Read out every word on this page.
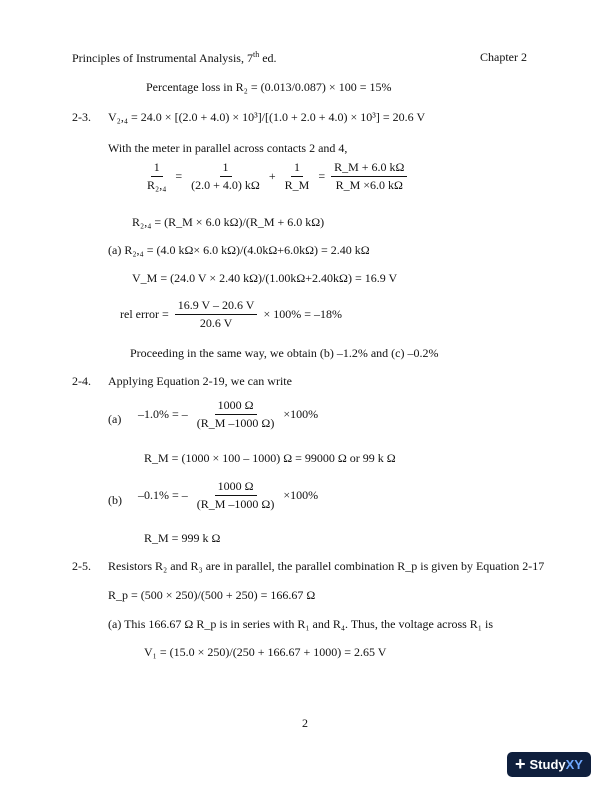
Principles of Instrumental Analysis, 7th ed.	Chapter 2
Percentage loss in R₂ = (0.013/0.087) × 100 = 15%
2-3. V₂,₄ = 24.0 × [(2.0 + 4.0) × 10³]/[(1.0 + 2.0 + 4.0) × 10³] = 20.6 V
With the meter in parallel across contacts 2 and 4,
$\frac{1}{\text{R₂,₄}} = \frac{1}{(2.0 + 4.0) k\Omega} + \frac{1}{R\_M} = \frac{R\_M + 6.0 k\Omega}{R\_M \times 6.0 k\Omega}$
R₂,₄ = (R_M × 6.0 kΩ)/(R_M + 6.0 kΩ)
(a) R₂,₄ = (4.0 kΩ× 6.0 kΩ)/(4.0kΩ+6.0kΩ) = 2.40 kΩ
V_M = (24.0 V × 2.40 kΩ)/(1.00kΩ+2.40kΩ) = 16.9 V
rel error = $\frac{16.9 V - 20.6 V}{20.6 V} \times 100\% = -18\%$
Proceeding in the same way, we obtain (b) –1.2% and (c) –0.2%
2-4. Applying Equation 2-19, we can write
(a) –1.0% = – $\frac{1000 \Omega}{(R\_M -1000 \Omega)} \times 100\%$
R_M = (1000 × 100 – 1000) Ω = 99000 Ω or 99 k Ω
(b) –0.1% = – $\frac{1000 \Omega}{(R\_M -1000 \Omega)} \times 100\%$
R_M = 999 k Ω
2-5. Resistors R₂ and R₃ are in parallel, the parallel combination R_p is given by Equation 2-17
R_p = (500 × 250)/(500 + 250) = 166.67 Ω
(a) This 166.67 Ω R_p is in series with R₁ and R₄. Thus, the voltage across R₁ is
V₁ = (15.0 × 250)/(250 + 166.67 + 1000) = 2.65 V
2
+ Study XY
